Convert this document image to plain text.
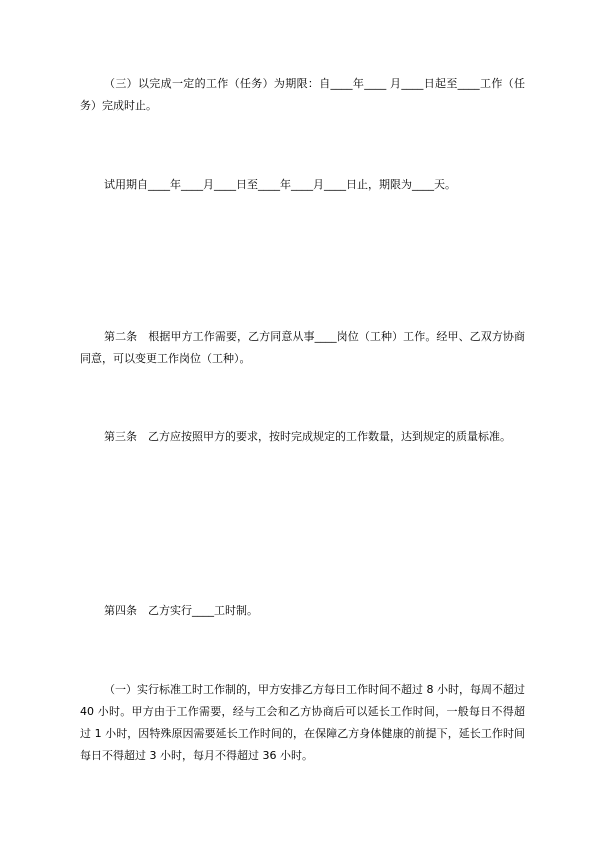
（三）以完成一定的工作（任务）为期限：自____年____ 月____日起至____工作（任务）完成时止。

试用期自____年____月____日至____年____月____日止，期限为____天。

第二条　根据甲方工作需要，乙方同意从事____岗位（工种）工作。经甲、乙双方协商同意，可以变更工作岗位（工种）。

第三条　乙方应按照甲方的要求，按时完成规定的工作数量，达到规定的质量标准。

第四条　乙方实行____工时制。

（一）实行标准工时工作制的，甲方安排乙方每日工作时间不超过 8 小时，每周不超过 40 小时。甲方由于工作需要，经与工会和乙方协商后可以延长工作时间，一般每日不得超过 1 小时，因特殊原因需要延长工作时间的，在保障乙方身体健康的前提下，延长工作时间每日不得超过 3 小时，每月不得超过 36 小时。
